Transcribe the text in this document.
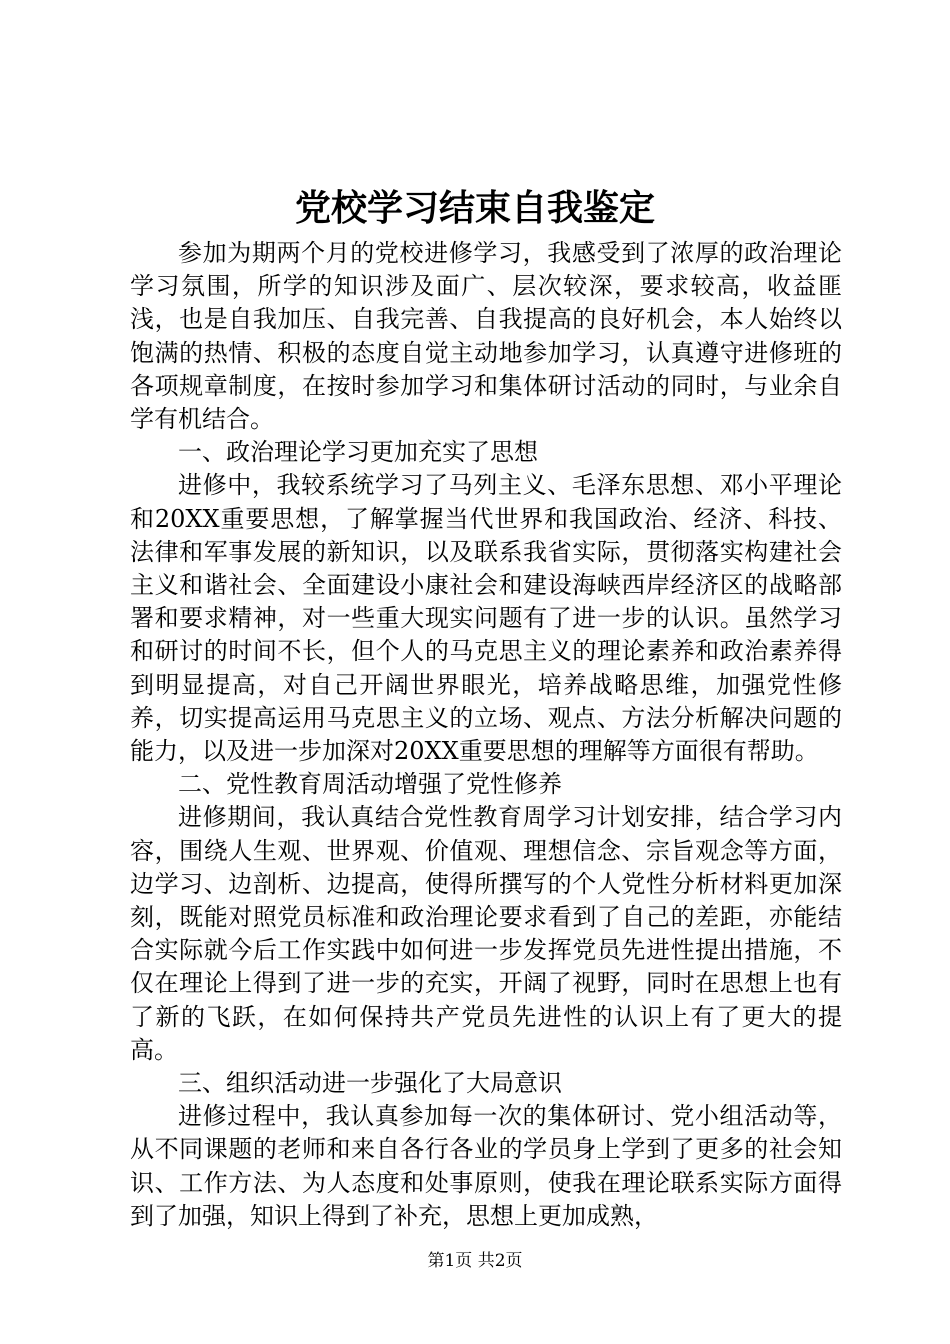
党校学习结束自我鉴定

参加为期两个月的党校进修学习，我感受到了浓厚的政治理论学习氛围，所学的知识涉及面广、层次较深，要求较高，收益匪浅，也是自我加压、自我完善、自我提高的良好机会，本人始终以饱满的热情、积极的态度自觉主动地参加学习，认真遵守进修班的各项规章制度，在按时参加学习和集体研讨活动的同时，与业余自学有机结合。

一、政治理论学习更加充实了思想

进修中，我较系统学习了马列主义、毛泽东思想、邓小平理论和20XX重要思想，了解掌握当代世界和我国政治、经济、科技、法律和军事发展的新知识，以及联系我省实际，贯彻落实构建社会主义和谐社会、全面建设小康社会和建设海峡西岸经济区的战略部署和要求精神，对一些重大现实问题有了进一步的认识。虽然学习和研讨的时间不长，但个人的马克思主义的理论素养和政治素养得到明显提高，对自己开阔世界眼光，培养战略思维，加强党性修养，切实提高运用马克思主义的立场、观点、方法分析解决问题的能力，以及进一步加深对20XX重要思想的理解等方面很有帮助。

二、党性教育周活动增强了党性修养

进修期间，我认真结合党性教育周学习计划安排，结合学习内容，围绕人生观、世界观、价值观、理想信念、宗旨观念等方面，边学习、边剖析、边提高，使得所撰写的个人党性分析材料更加深刻，既能对照党员标准和政治理论要求看到了自己的差距，亦能结合实际就今后工作实践中如何进一步发挥党员先进性提出措施，不仅在理论上得到了进一步的充实，开阔了视野，同时在思想上也有了新的飞跃，在如何保持共产党员先进性的认识上有了更大的提高。

三、组织活动进一步强化了大局意识

进修过程中，我认真参加每一次的集体研讨、党小组活动等，从不同课题的老师和来自各行各业的学员身上学到了更多的社会知识、工作方法、为人态度和处事原则，使我在理论联系实际方面得到了加强，知识上得到了补充，思想上更加成熟，

第1页 共2页
